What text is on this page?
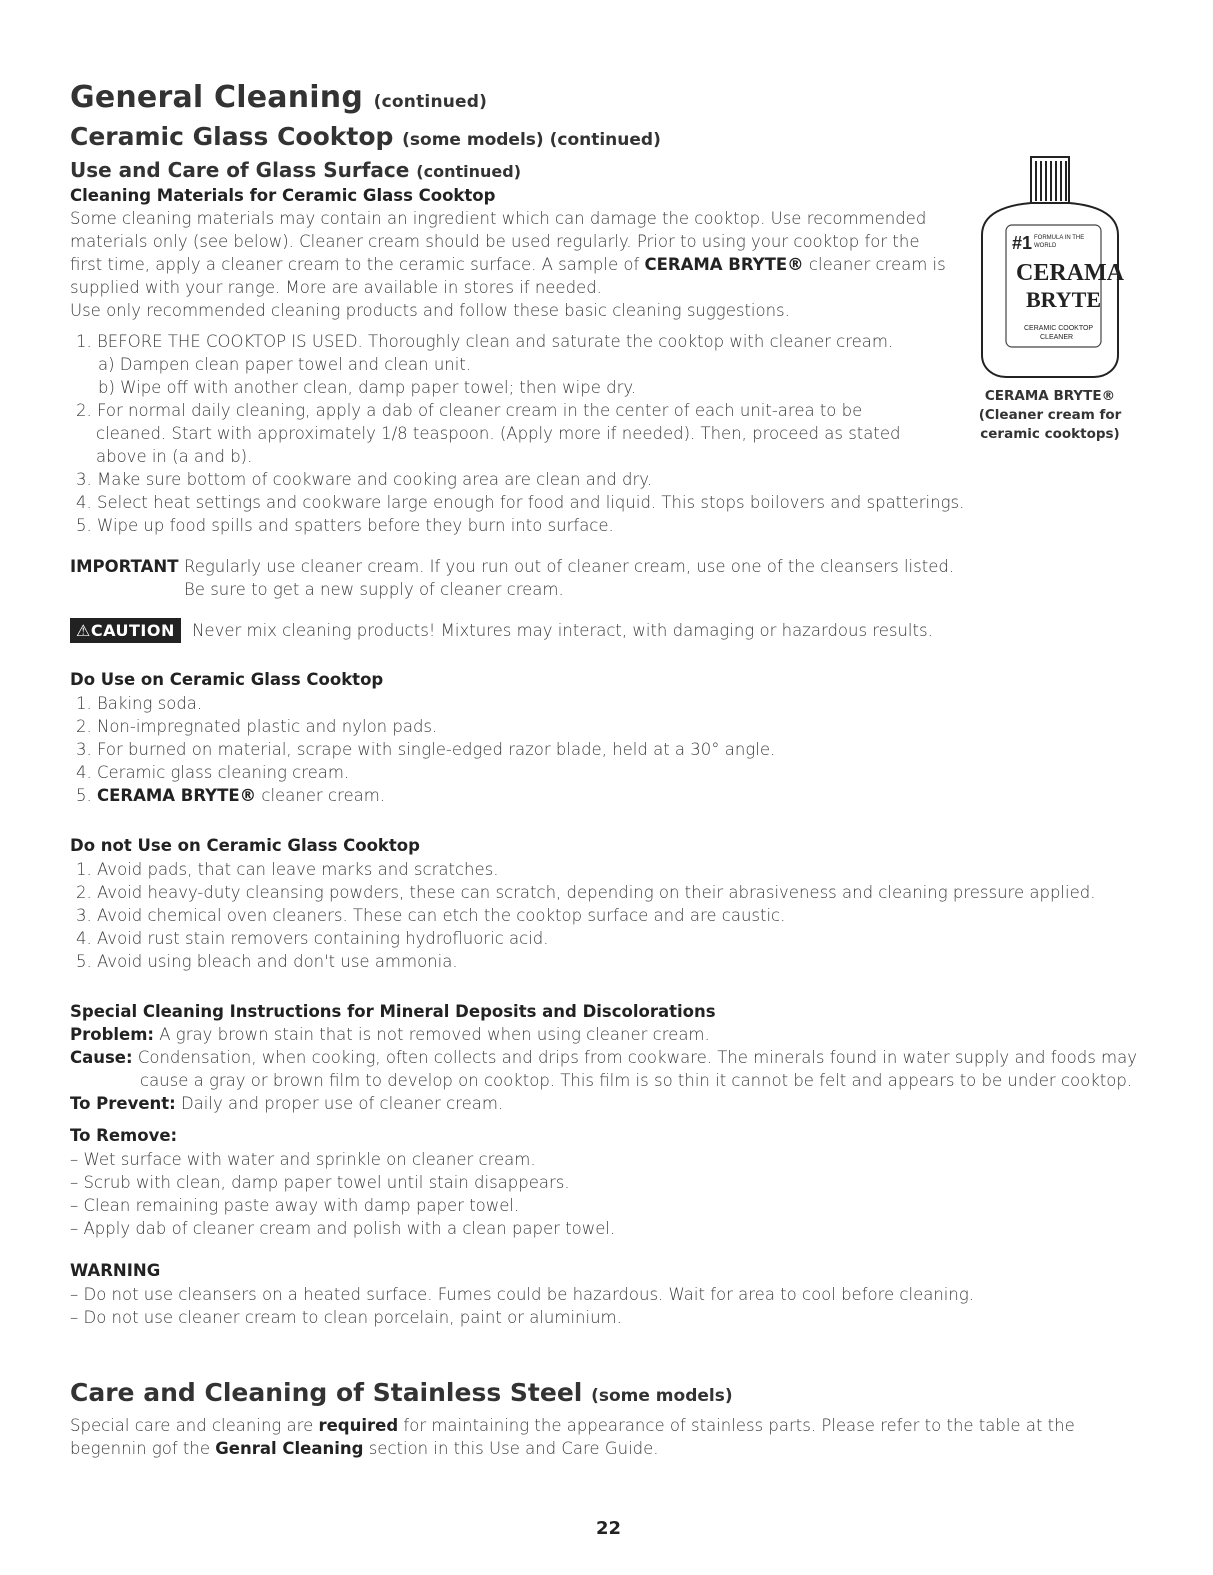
General Cleaning (continued)
Ceramic Glass Cooktop (some models) (continued)
Use and Care of Glass Surface (continued)
Cleaning Materials for Ceramic Glass Cooktop
Some cleaning materials may contain an ingredient which can damage the cooktop. Use recommended
materials only (see below). Cleaner cream should be used regularly. Prior to using your cooktop for the
first time, apply a cleaner cream to the ceramic surface. A sample of CERAMA BRYTE® cleaner cream is
supplied with your range. More are available in stores if needed.
Use only recommended cleaning products and follow these basic cleaning suggestions.
1. BEFORE THE COOKTOP IS USED. Thoroughly clean and saturate the cooktop with cleaner cream.
a) Dampen clean paper towel and clean unit.
b) Wipe off with another clean, damp paper towel; then wipe dry.
2. For normal daily cleaning, apply a dab of cleaner cream in the center of each unit-area to be
cleaned. Start with approximately 1/8 teaspoon. (Apply more if needed). Then, proceed as stated
above in (a and b).
3. Make sure bottom of cookware and cooking area are clean and dry.
4. Select heat settings and cookware large enough for food and liquid. This stops boilovers and spatterings.
5. Wipe up food spills and spatters before they burn into surface.
IMPORTANT Regularly use cleaner cream. If you run out of cleaner cream, use one of the cleansers listed.
Be sure to get a new supply of cleaner cream.
⚠CAUTION Never mix cleaning products! Mixtures may interact, with damaging or hazardous results.
#1 FORMULA IN THE
WORLD
CERAMA
BRYTE
CERAMIC COOKTOP
CLEANER
CERAMA BRYTE®
(Cleaner cream for
ceramic cooktops)
Do Use on Ceramic Glass Cooktop
1. Baking soda.
2. Non-impregnated plastic and nylon pads.
3. For burned on material, scrape with single-edged razor blade, held at a 30° angle.
4. Ceramic glass cleaning cream.
5. CERAMA BRYTE® cleaner cream.
Do not Use on Ceramic Glass Cooktop
1. Avoid pads, that can leave marks and scratches.
2. Avoid heavy-duty cleansing powders, these can scratch, depending on their abrasiveness and cleaning pressure applied.
3. Avoid chemical oven cleaners. These can etch the cooktop surface and are caustic.
4. Avoid rust stain removers containing hydrofluoric acid.
5. Avoid using bleach and don't use ammonia.
Special Cleaning Instructions for Mineral Deposits and Discolorations
Problem: A gray brown stain that is not removed when using cleaner cream.
Cause: Condensation, when cooking, often collects and drips from cookware. The minerals found in water supply and foods may
cause a gray or brown film to develop on cooktop. This film is so thin it cannot be felt and appears to be under cooktop.
To Prevent: Daily and proper use of cleaner cream.
To Remove:
– Wet surface with water and sprinkle on cleaner cream.
– Scrub with clean, damp paper towel until stain disappears.
– Clean remaining paste away with damp paper towel.
– Apply dab of cleaner cream and polish with a clean paper towel.
WARNING
– Do not use cleansers on a heated surface. Fumes could be hazardous. Wait for area to cool before cleaning.
– Do not use cleaner cream to clean porcelain, paint or aluminium.
Care and Cleaning of Stainless Steel (some models)
Special care and cleaning are required for maintaining the appearance of stainless parts. Please refer to the table at the
begennin gof the Genral Cleaning section in this Use and Care Guide.
22
